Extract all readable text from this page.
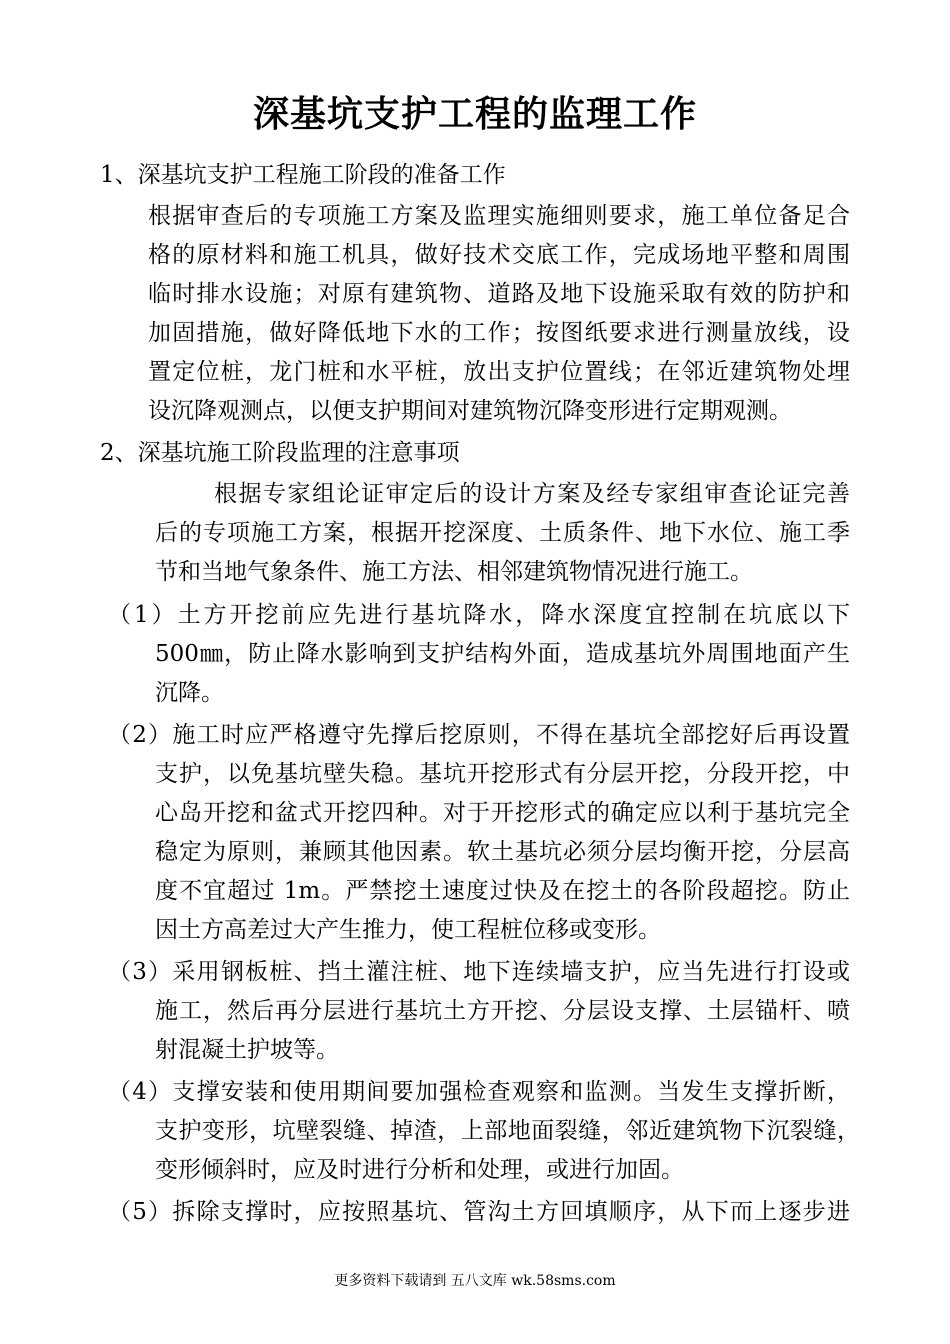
深基坑支护工程的监理工作
1、深基坑支护工程施工阶段的准备工作
根据审查后的专项施工方案及监理实施细则要求，施工单位备足合
格的原材料和施工机具，做好技术交底工作，完成场地平整和周围
临时排水设施；对原有建筑物、道路及地下设施采取有效的防护和
加固措施，做好降低地下水的工作；按图纸要求进行测量放线，设
置定位桩，龙门桩和水平桩，放出支护位置线；在邻近建筑物处埋
设沉降观测点，以便支护期间对建筑物沉降变形进行定期观测。
2、深基坑施工阶段监理的注意事项
根据专家组论证审定后的设计方案及经专家组审查论证完善
后的专项施工方案，根据开挖深度、土质条件、地下水位、施工季
节和当地气象条件、施工方法、相邻建筑物情况进行施工。
（1）土方开挖前应先进行基坑降水，降水深度宜控制在坑底以下
500㎜，防止降水影响到支护结构外面，造成基坑外周围地面产生
沉降。
（2）施工时应严格遵守先撑后挖原则，不得在基坑全部挖好后再设置
支护，以免基坑壁失稳。基坑开挖形式有分层开挖，分段开挖，中
心岛开挖和盆式开挖四种。对于开挖形式的确定应以利于基坑完全
稳定为原则，兼顾其他因素。软土基坑必须分层均衡开挖，分层高
度不宜超过 1m。严禁挖土速度过快及在挖土的各阶段超挖。防止
因土方高差过大产生推力，使工程桩位移或变形。
（3）采用钢板桩、挡土灌注桩、地下连续墙支护，应当先进行打设或
施工，然后再分层进行基坑土方开挖、分层设支撑、土层锚杆、喷
射混凝土护坡等。
（4）支撑安装和使用期间要加强检查观察和监测。当发生支撑折断，
支护变形，坑壁裂缝、掉渣，上部地面裂缝，邻近建筑物下沉裂缝，
变形倾斜时，应及时进行分析和处理，或进行加固。
（5）拆除支撑时，应按照基坑、管沟土方回填顺序，从下而上逐步进
更多资料下载请到 五八文库 wk.58sms.com
